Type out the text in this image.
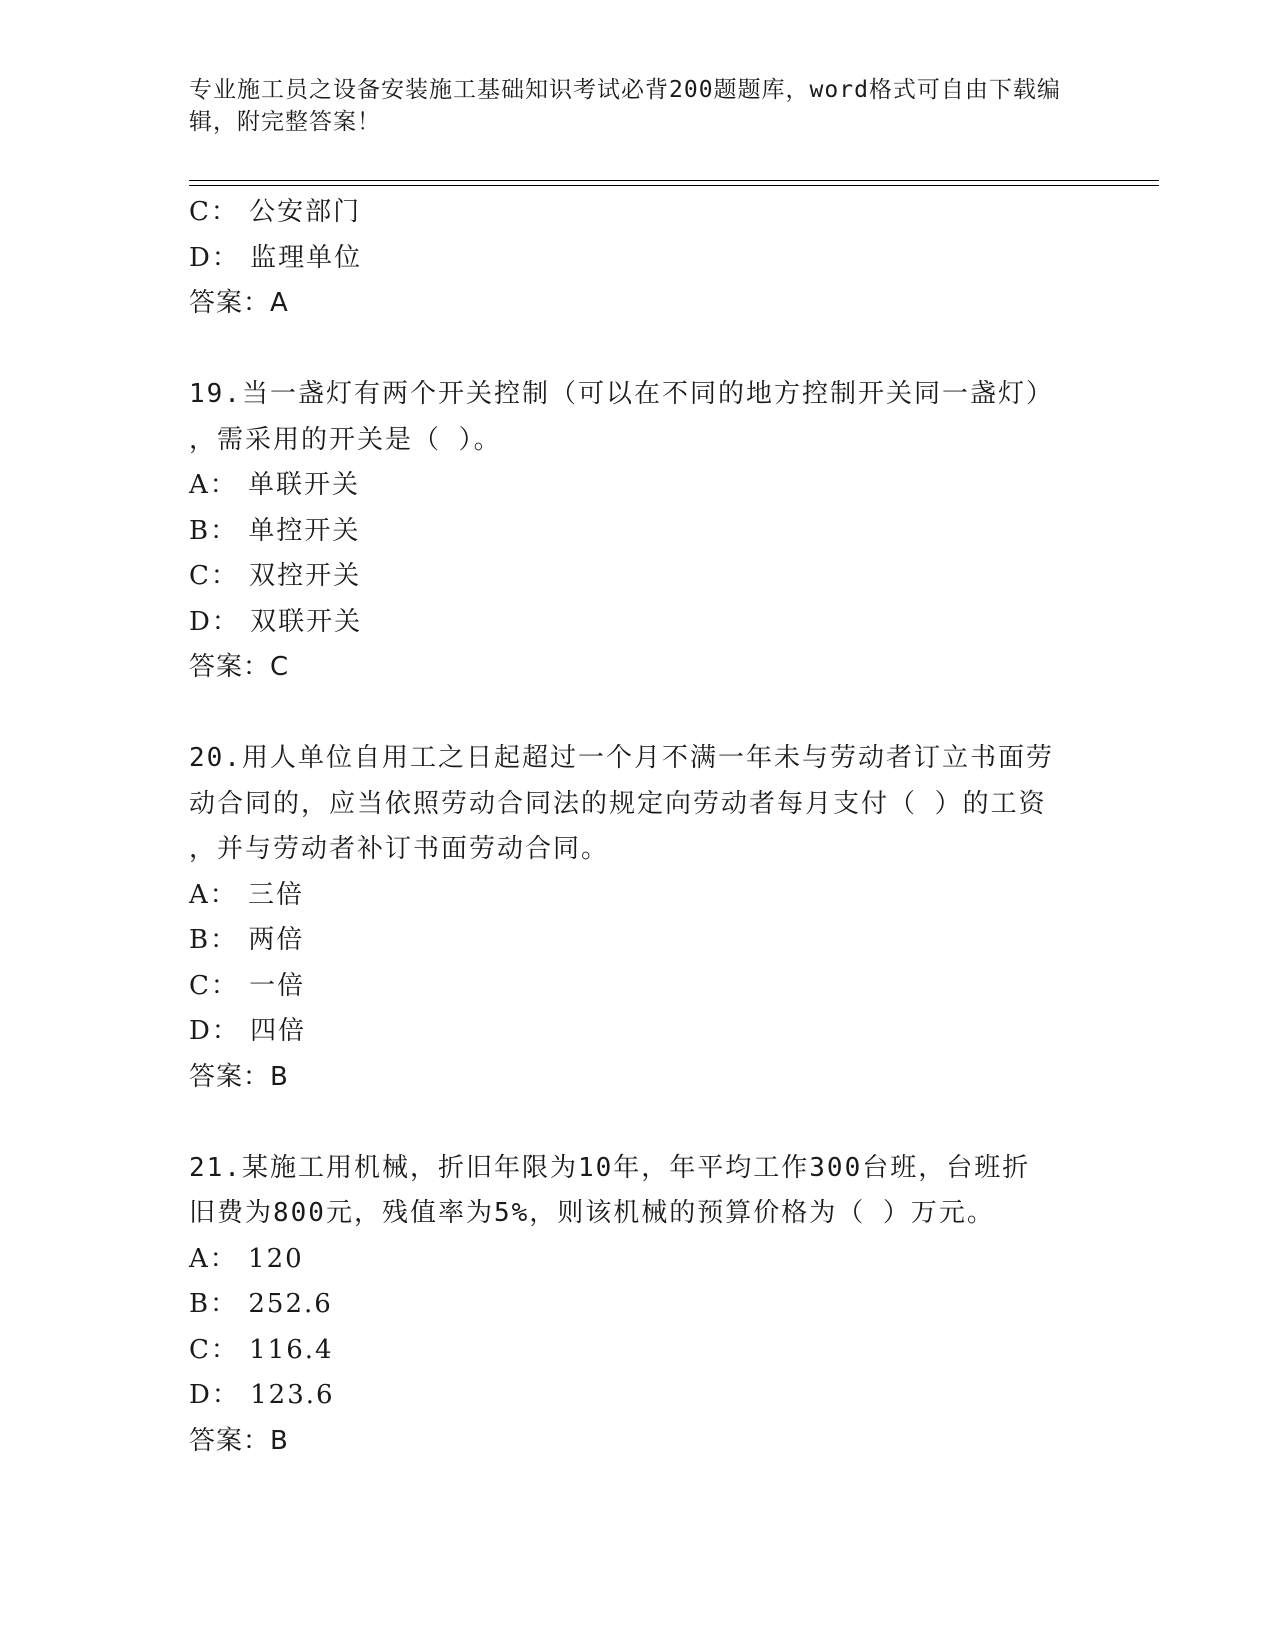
专业施工员之设备安装施工基础知识考试必背200题题库，word格式可自由下载编辑，附完整答案！
C： 公安部门
D： 监理单位
答案：A
19.当一盏灯有两个开关控制（可以在不同的地方控制开关同一盏灯）
，需采用的开关是（ ）。
A： 单联开关
B： 单控开关
C： 双控开关
D： 双联开关
答案：C
20.用人单位自用工之日起超过一个月不满一年未与劳动者订立书面劳
动合同的，应当依照劳动合同法的规定向劳动者每月支付（ ）的工资
，并与劳动者补订书面劳动合同。
A： 三倍
B： 两倍
C： 一倍
D： 四倍
答案：B
21.某施工用机械，折旧年限为10年，年平均工作300台班，台班折
旧费为800元，残值率为5%，则该机械的预算价格为（ ）万元。
A： 120
B： 252.6
C： 116.4
D： 123.6
答案：B
